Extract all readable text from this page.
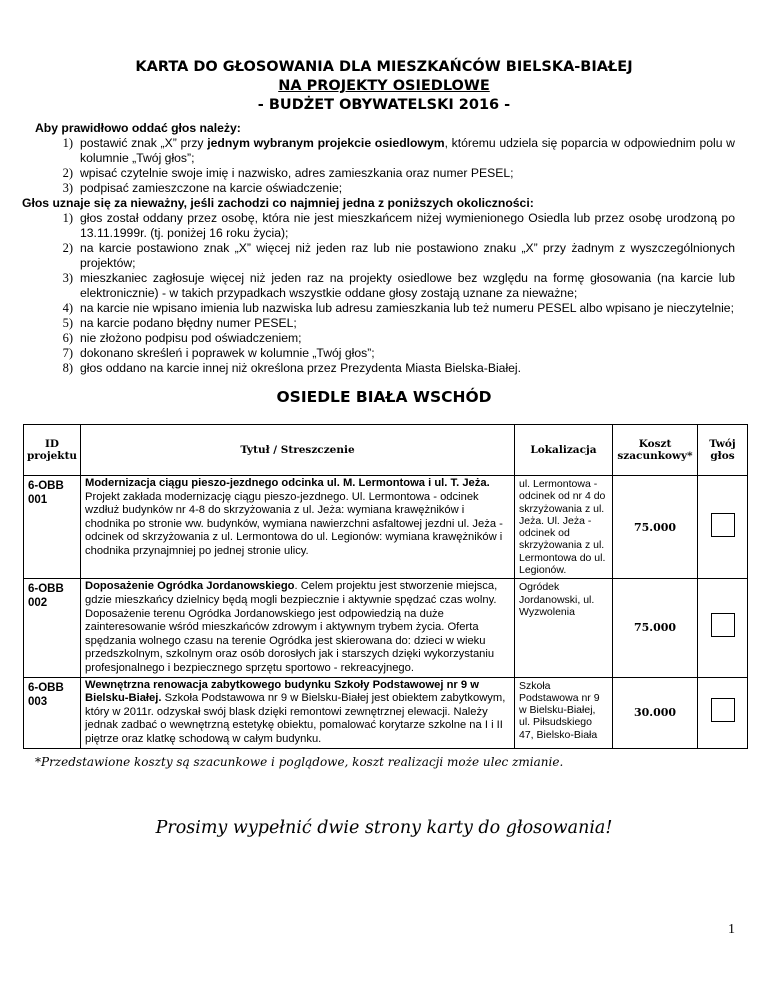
KARTA DO GŁOSOWANIA DLA MIESZKAŃCÓW BIELSKA-BIAŁEJ
NA PROJEKTY OSIEDLOWE
- BUDŻET OBYWATELSKI 2016 -
Aby prawidłowo oddać głos należy:
1) postawić znak „X” przy jednym wybranym projekcie osiedlowym, któremu udziela się poparcia w odpowiednim polu w kolumnie „Twój głos”;
2) wpisać czytelnie swoje imię i nazwisko, adres zamieszkania oraz numer PESEL;
3) podpisać zamieszczone na karcie oświadczenie;
Głos uznaje się za nieważny, jeśli zachodzi co najmniej jedna z poniższych okoliczności:
1) głos został oddany przez osobę, która nie jest mieszkańcem niżej wymienionego Osiedla lub przez osobę urodzoną po 13.11.1999r. (tj. poniżej 16 roku życia);
2) na karcie postawiono znak „X” więcej niż jeden raz lub nie postawiono znaku „X” przy żadnym z wyszczególnionych projektów;
3) mieszkaniec zagłosuje więcej niż jeden raz na projekty osiedlowe bez względu na formę głosowania (na karcie lub elektronicznie) - w takich przypadkach wszystkie oddane głosy zostają uznane za nieważne;
4) na karcie nie wpisano imienia lub nazwiska lub adresu zamieszkania lub też numeru PESEL albo wpisano je nieczytelnie;
5) na karcie podano błędny numer PESEL;
6) nie złożono podpisu pod oświadczeniem;
7) dokonano skreśleń i poprawek w kolumnie „Twój głos”;
8) głos oddano na karcie innej niż określona przez Prezydenta Miasta Bielska-Białej.
OSIEDLE BIAŁA WSCHÓD
ID projektu	Tytuł / Streszczenie	Lokalizacja	Koszt szacunkowy*	Twój głos
6-OBB 001	Modernizacja ciągu pieszo-jezdnego odcinka ul. M. Lermontowa i ul. T. Jeża.
Projekt zakłada modernizację ciągu pieszo-jezdnego. Ul. Lermontowa - odcinek wzdłuż budynków nr 4-8 do skrzyżowania z ul. Jeża: wymiana krawężników i chodnika po stronie ww. budynków, wymiana nawierzchni asfaltowej jezdni ul. Jeża - odcinek od skrzyżowania z ul. Lermontowa do ul. Legionów: wymiana krawężników i chodnika przynajmniej po jednej stronie ulicy.	ul. Lermontowa - odcinek od nr 4 do skrzyżowania z ul. Jeża. Ul. Jeża - odcinek od skrzyżowania z ul. Lermontowa do ul. Legionów.	75.000	
6-OBB 002	Doposażenie Ogródka Jordanowskiego. Celem projektu jest stworzenie miejsca, gdzie mieszkańcy dzielnicy będą mogli bezpiecznie i aktywnie spędzać czas wolny. Doposażenie terenu Ogródka Jordanowskiego jest odpowiedzią na duże zainteresowanie wśród mieszkańców zdrowym i aktywnym trybem życia. Oferta spędzania wolnego czasu na terenie Ogródka jest skierowana do: dzieci w wieku przedszkolnym, szkolnym oraz osób dorosłych jak i starszych dzięki wykorzystaniu profesjonalnego i bezpiecznego sprzętu sportowo - rekreacyjnego.	Ogródek Jordanowski, ul. Wyzwolenia	75.000	
6-OBB 003	Wewnętrzna renowacja zabytkowego budynku Szkoły Podstawowej nr 9 w Bielsku-Białej. Szkoła Podstawowa nr 9 w Bielsku-Białej jest obiektem zabytkowym, który w 2011r. odzyskał swój blask dzięki remontowi zewnętrznej elewacji. Należy jednak zadbać o wewnętrzną estetykę obiektu, pomalować korytarze szkolne na I i II piętrze oraz klatkę schodową w całym budynku.	Szkoła Podstawowa nr 9 w Bielsku-Białej, ul. Piłsudskiego 47, Bielsko-Biała	30.000	
*Przedstawione koszty są szacunkowe i poglądowe, koszt realizacji może ulec zmianie.
Prosimy wypełnić dwie strony karty do głosowania!
1
